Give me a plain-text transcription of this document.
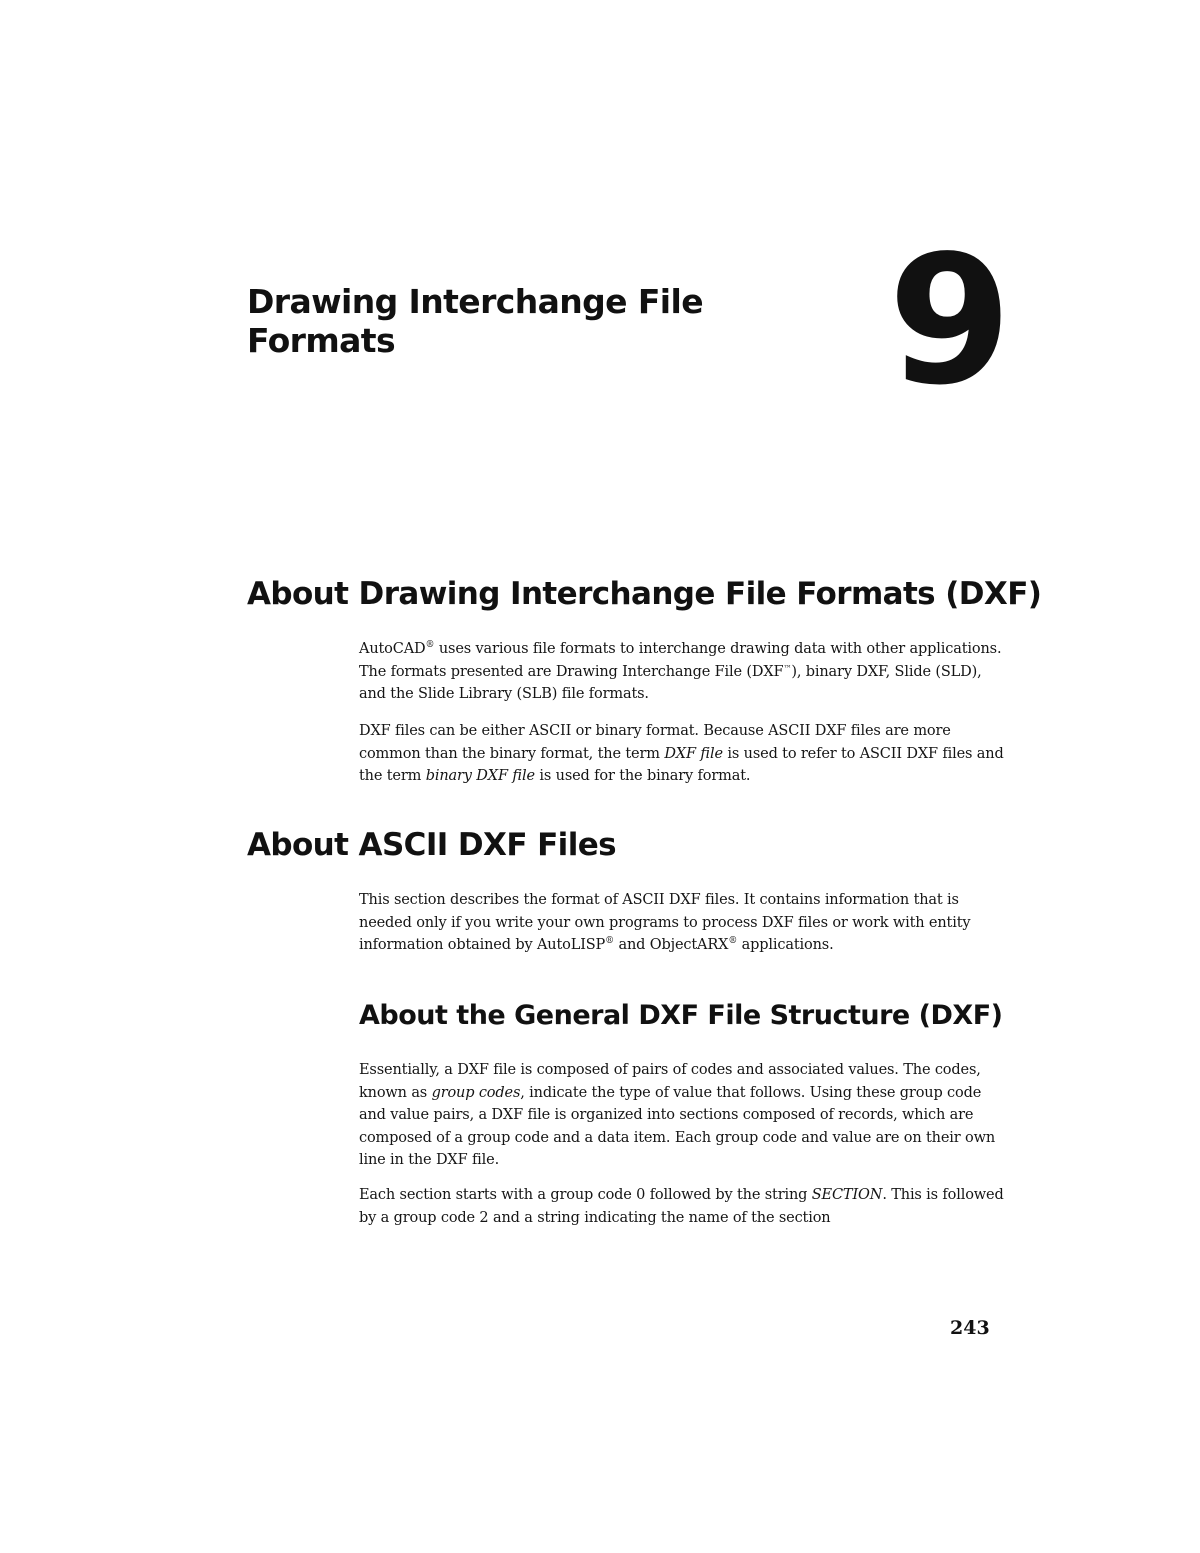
Drawing Interchange File
Formats	9
About Drawing Interchange File Formats (DXF)

AutoCAD® uses various file formats to interchange drawing data with other applications. The formats presented are Drawing Interchange File (DXF™), binary DXF, Slide (SLD), and the Slide Library (SLB) file formats.

DXF files can be either ASCII or binary format. Because ASCII DXF files are more common than the binary format, the term DXF file is used to refer to ASCII DXF files and the term binary DXF file is used for the binary format.

About ASCII DXF Files

This section describes the format of ASCII DXF files. It contains information that is needed only if you write your own programs to process DXF files or work with entity information obtained by AutoLISP® and ObjectARX® applications.

About the General DXF File Structure (DXF)

Essentially, a DXF file is composed of pairs of codes and associated values. The codes, known as group codes, indicate the type of value that follows. Using these group code and value pairs, a DXF file is organized into sections composed of records, which are composed of a group code and a data item. Each group code and value are on their own line in the DXF file.

Each section starts with a group code 0 followed by the string SECTION. This is followed by a group code 2 and a string indicating the name of the section

243
